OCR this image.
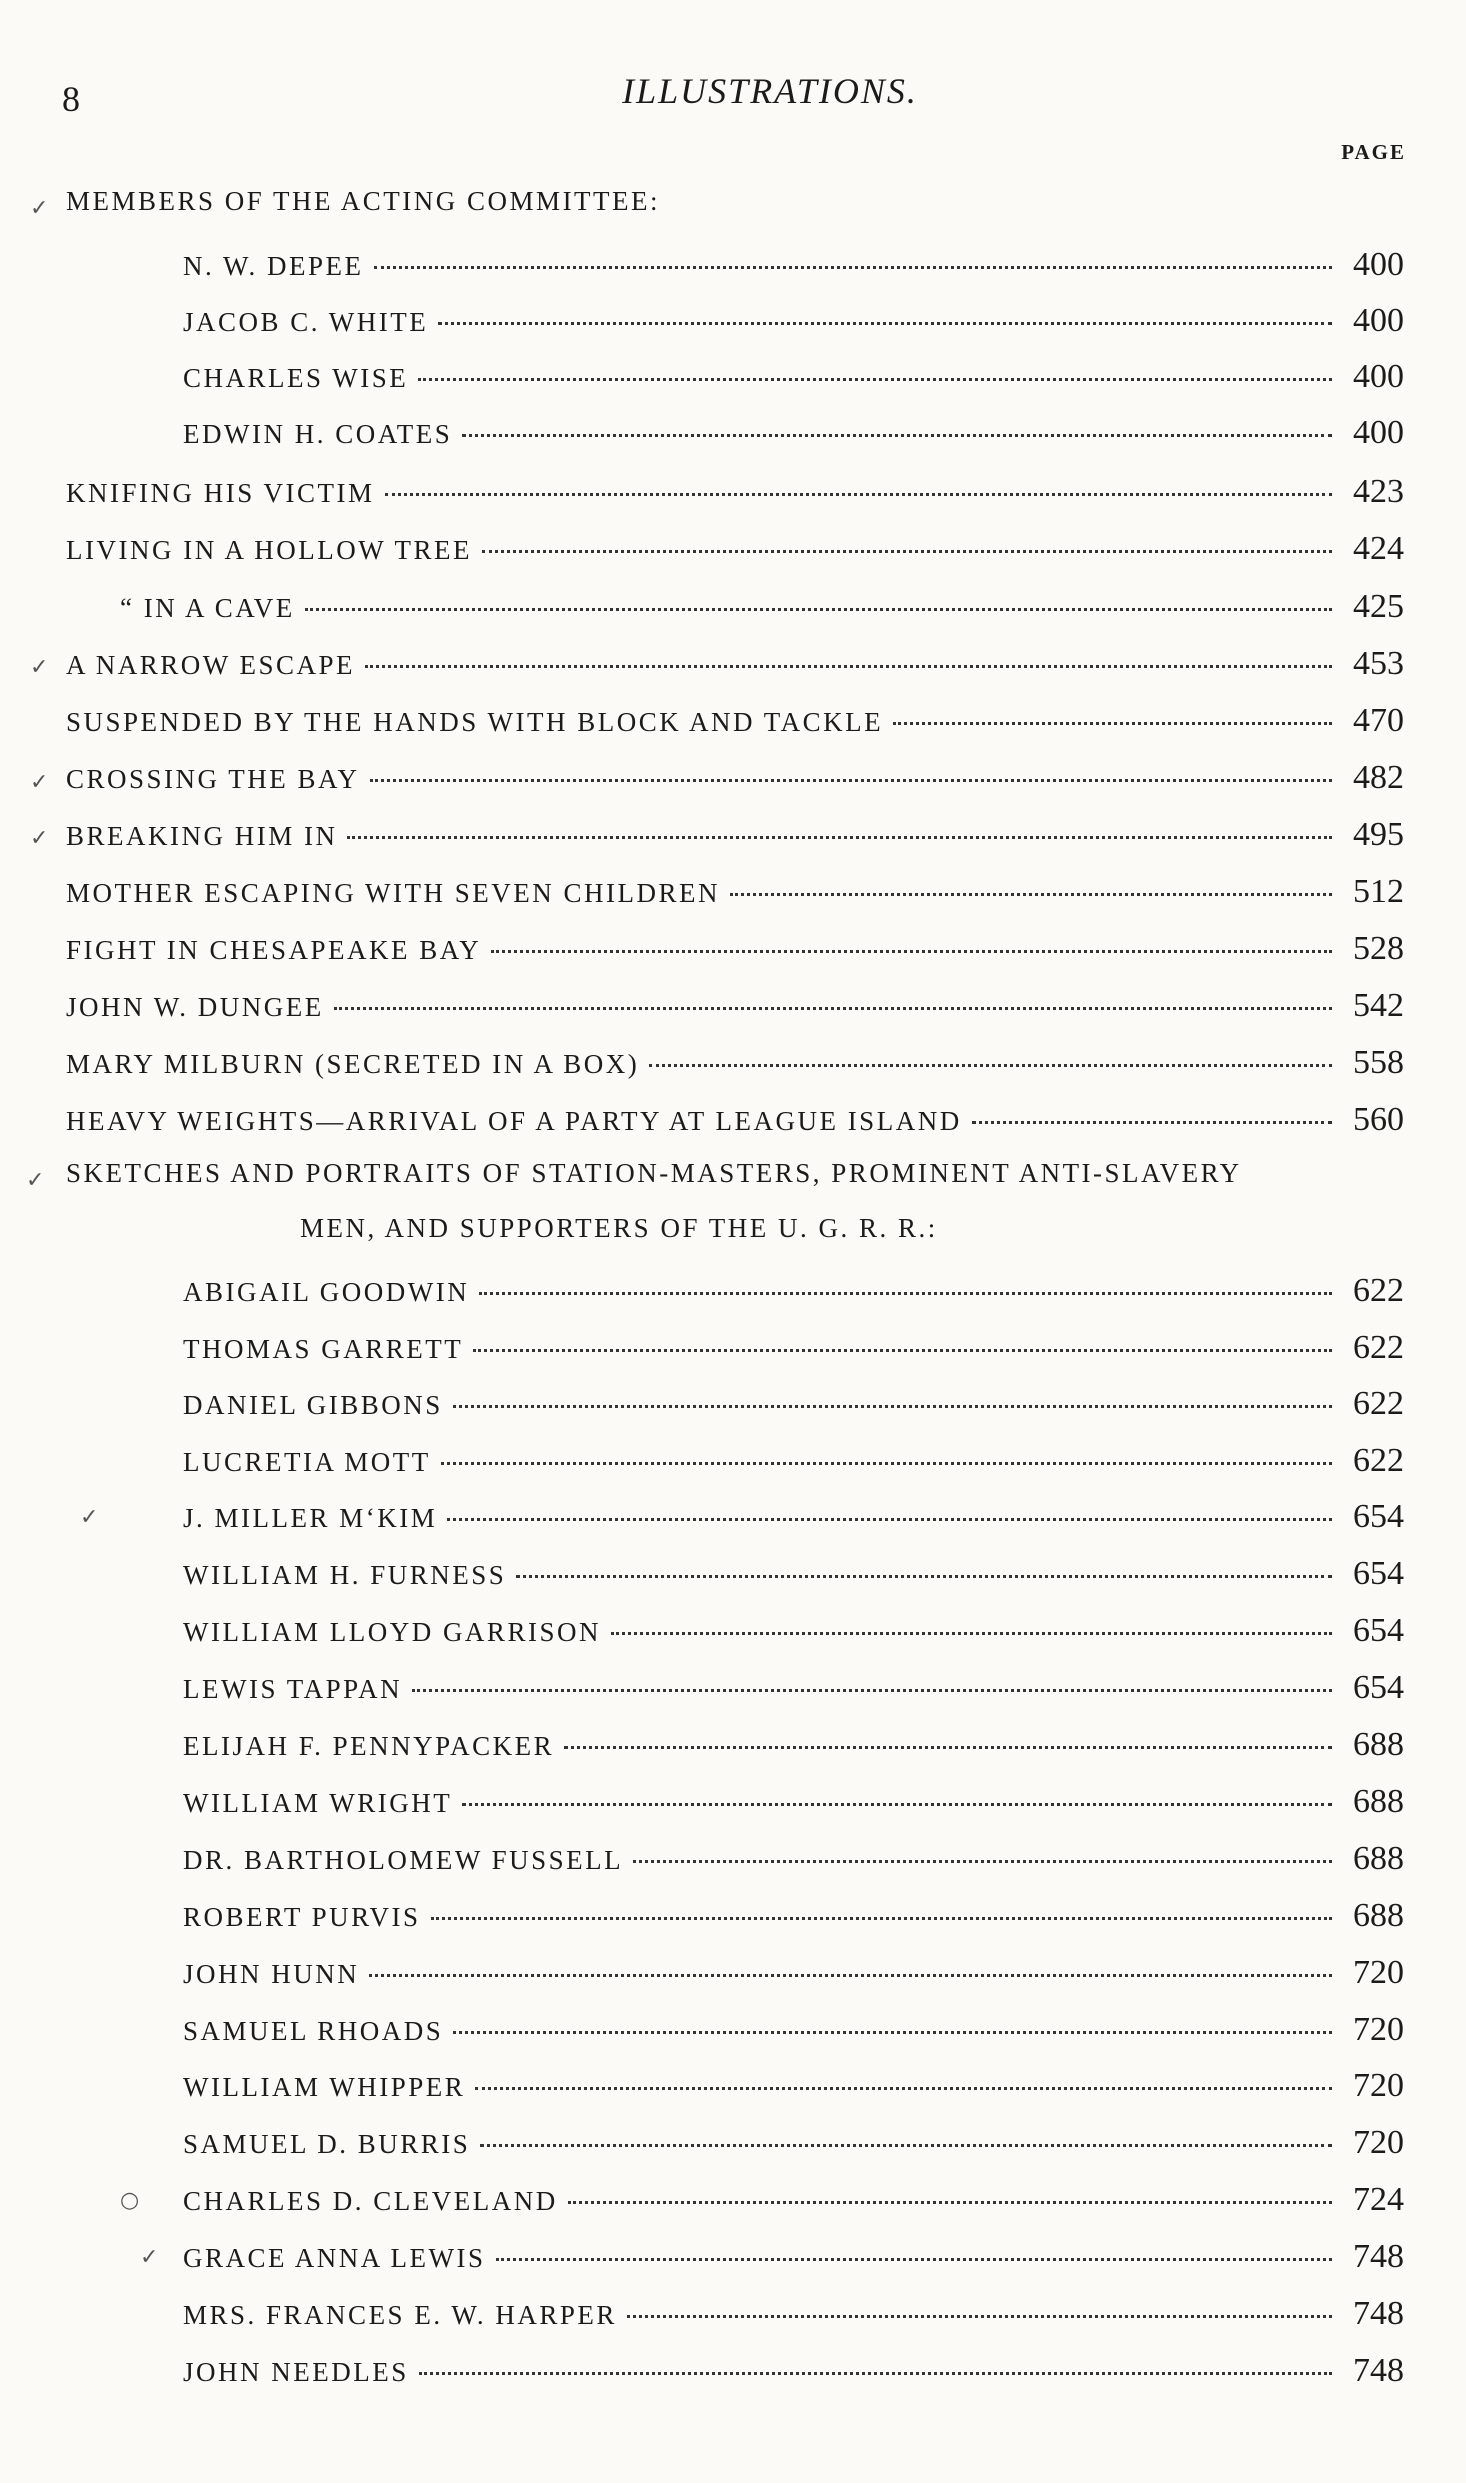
8	ILLUSTRATIONS.
PAGE
MEMBERS OF THE ACTING COMMITTEE:
N. W. DEPEE	400
JACOB C. WHITE	400
CHARLES WISE	400
EDWIN H. COATES	400
KNIFING HIS VICTIM	423
LIVING IN A HOLLOW TREE	424
“ IN A CAVE	425
A NARROW ESCAPE	453
SUSPENDED BY THE HANDS WITH BLOCK AND TACKLE	470
CROSSING THE BAY	482
BREAKING HIM IN	495
MOTHER ESCAPING WITH SEVEN CHILDREN	512
FIGHT IN CHESAPEAKE BAY	528
JOHN W. DUNGEE	542
MARY MILBURN (SECRETED IN A BOX)	558
HEAVY WEIGHTS—ARRIVAL OF A PARTY AT LEAGUE ISLAND	560
SKETCHES AND PORTRAITS OF STATION-MASTERS, PROMINENT ANTI-SLAVERY
MEN, AND SUPPORTERS OF THE U. G. R. R.:
ABIGAIL GOODWIN	622
THOMAS GARRETT	622
DANIEL GIBBONS	622
LUCRETIA MOTT	622
J. MILLER M‘KIM	654
WILLIAM H. FURNESS	654
WILLIAM LLOYD GARRISON	654
LEWIS TAPPAN	654
ELIJAH F. PENNYPACKER	688
WILLIAM WRIGHT	688
DR. BARTHOLOMEW FUSSELL	688
ROBERT PURVIS	688
JOHN HUNN	720
SAMUEL RHOADS	720
WILLIAM WHIPPER	720
SAMUEL D. BURRIS	720
CHARLES D. CLEVELAND	724
GRACE ANNA LEWIS	748
MRS. FRANCES E. W. HARPER	748
JOHN NEEDLES	748
✓
✓
✓
✓
✓
✓
○
✓
